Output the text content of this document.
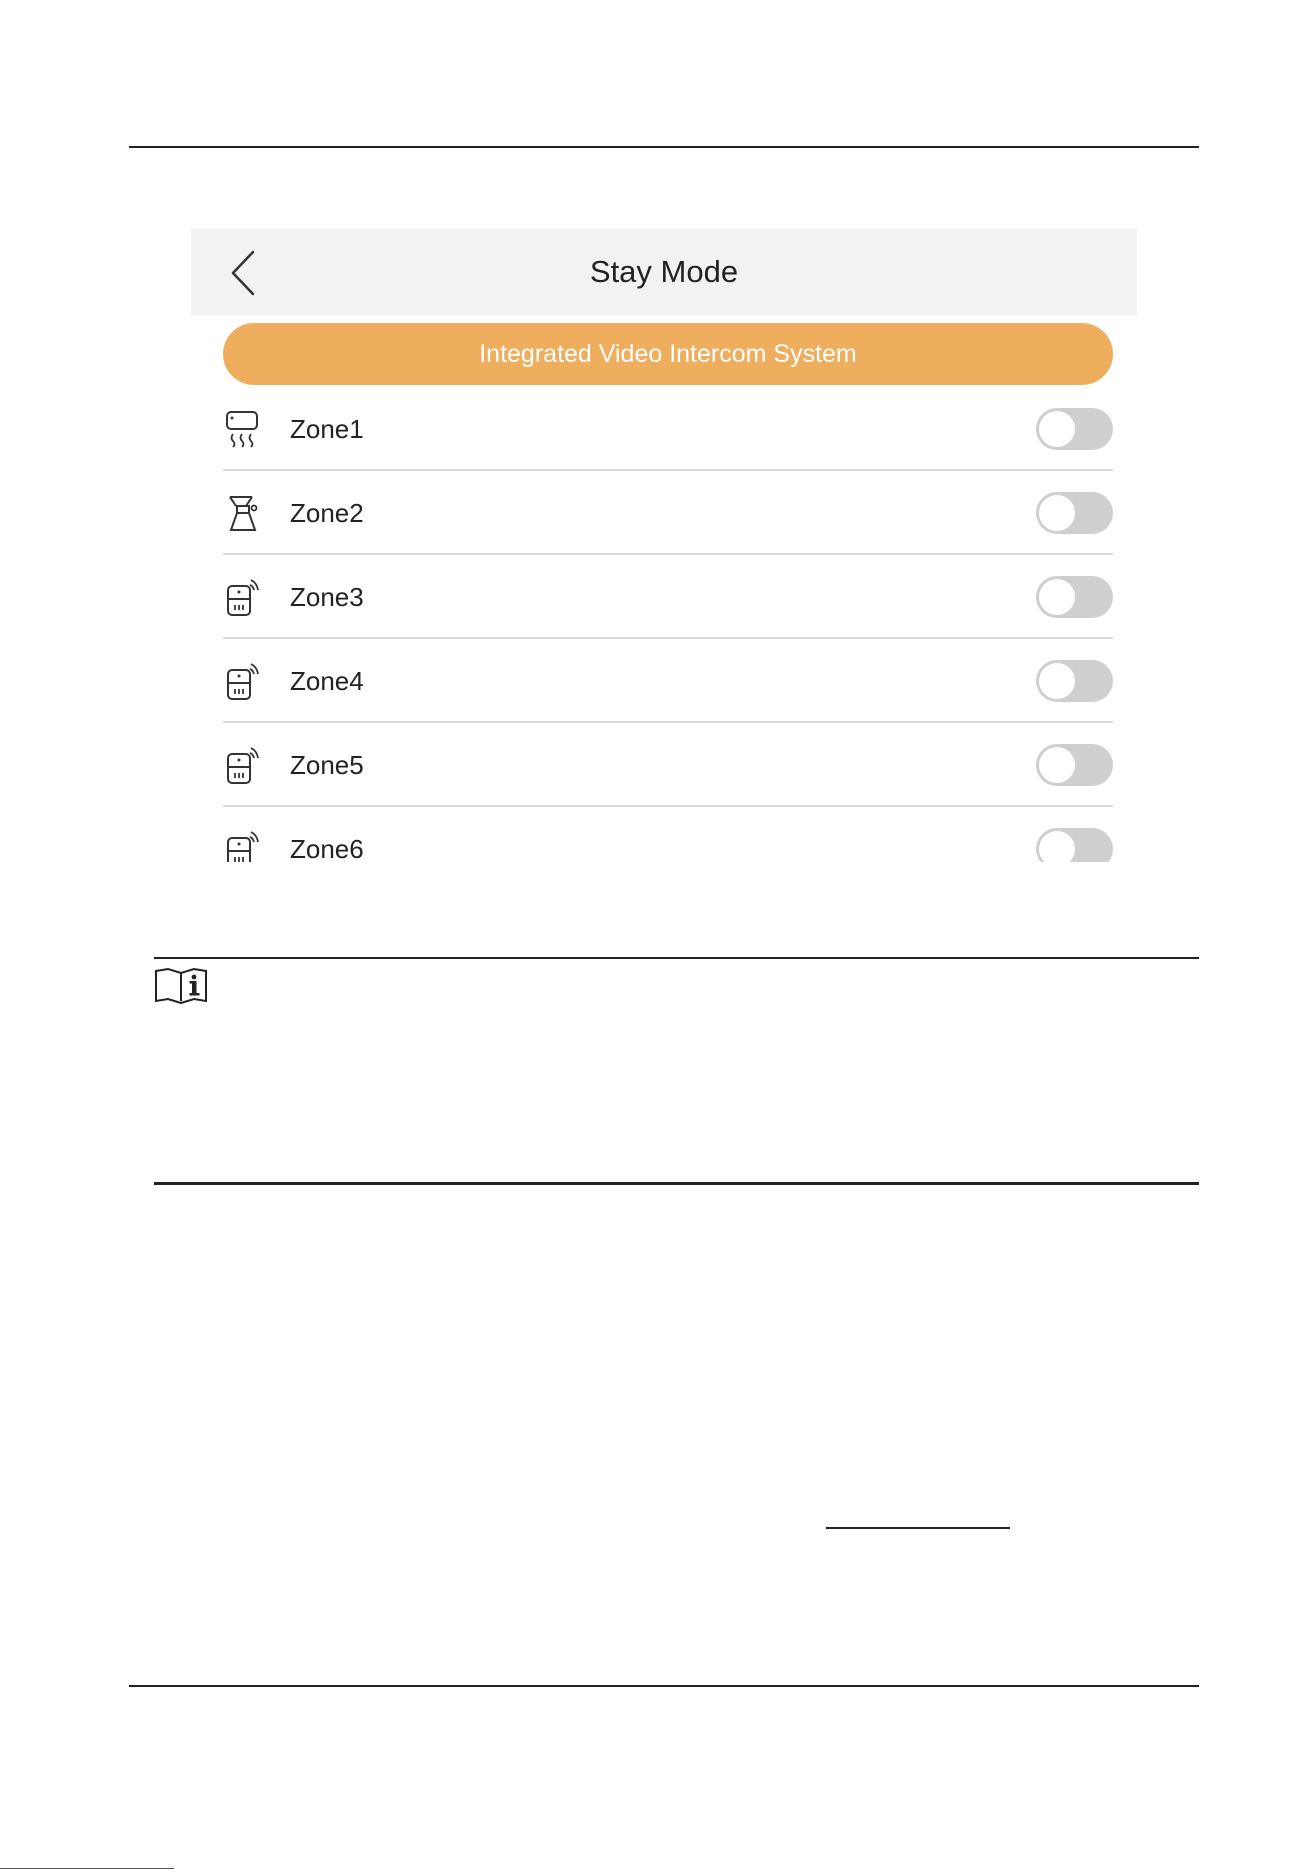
Stay Mode
Integrated Video Intercom System
Zone1
Zone2
Zone3
Zone4
Zone5
Zone6
